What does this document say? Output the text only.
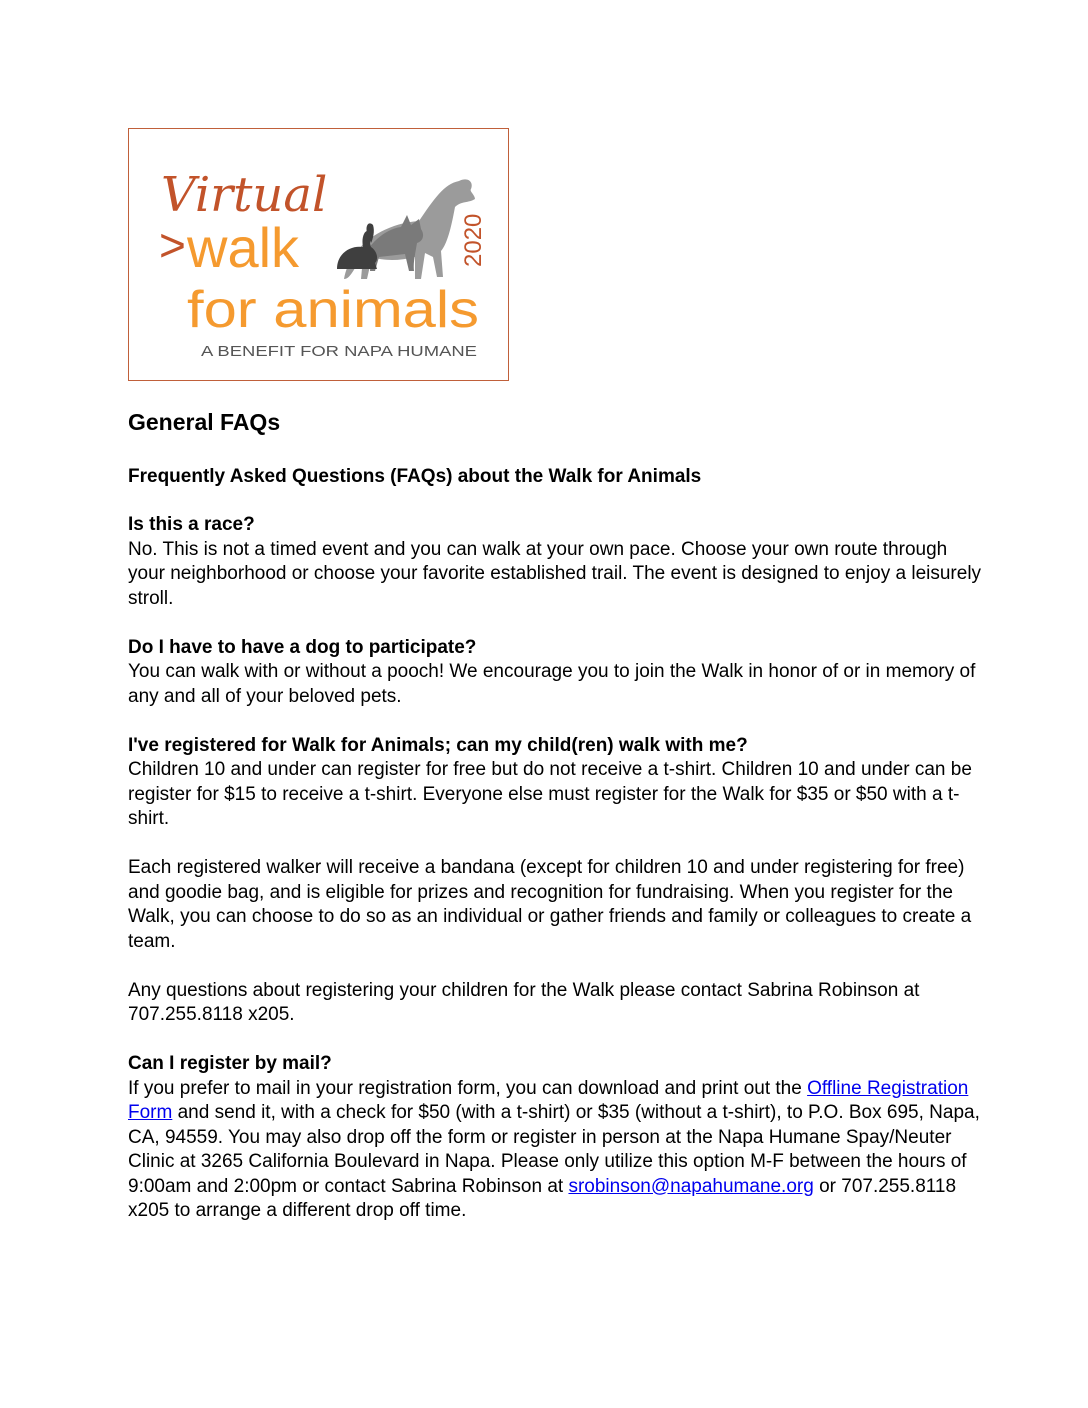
Virtual
> walk
for animals
2020
A BENEFIT FOR NAPA HUMANE
General FAQs
Frequently Asked Questions (FAQs) about the Walk for Animals
Is this a race?
No. This is not a timed event and you can walk at your own pace. Choose your own route through your neighborhood or choose your favorite established trail. The event is designed to enjoy a leisurely stroll.
Do I have to have a dog to participate?
You can walk with or without a pooch! We encourage you to join the Walk in honor of or in memory of any and all of your beloved pets.
I've registered for Walk for Animals; can my child(ren) walk with me?
Children 10 and under can register for free but do not receive a t-shirt. Children 10 and under can be register for $15 to receive a t-shirt. Everyone else must register for the Walk for $35 or $50 with a t-shirt.
Each registered walker will receive a bandana (except for children 10 and under registering for free) and goodie bag, and is eligible for prizes and recognition for fundraising. When you register for the Walk, you can choose to do so as an individual or gather friends and family or colleagues to create a team.
Any questions about registering your children for the Walk please contact Sabrina Robinson at 707.255.8118 x205.
Can I register by mail?
If you prefer to mail in your registration form, you can download and print out the Offline Registration Form and send it, with a check for $50 (with a t-shirt) or $35 (without a t-shirt), to P.O. Box 695, Napa, CA, 94559. You may also drop off the form or register in person at the Napa Humane Spay/Neuter Clinic at 3265 California Boulevard in Napa. Please only utilize this option M-F between the hours of 9:00am and 2:00pm or contact Sabrina Robinson at srobinson@napahumane.org or 707.255.8118 x205 to arrange a different drop off time.
